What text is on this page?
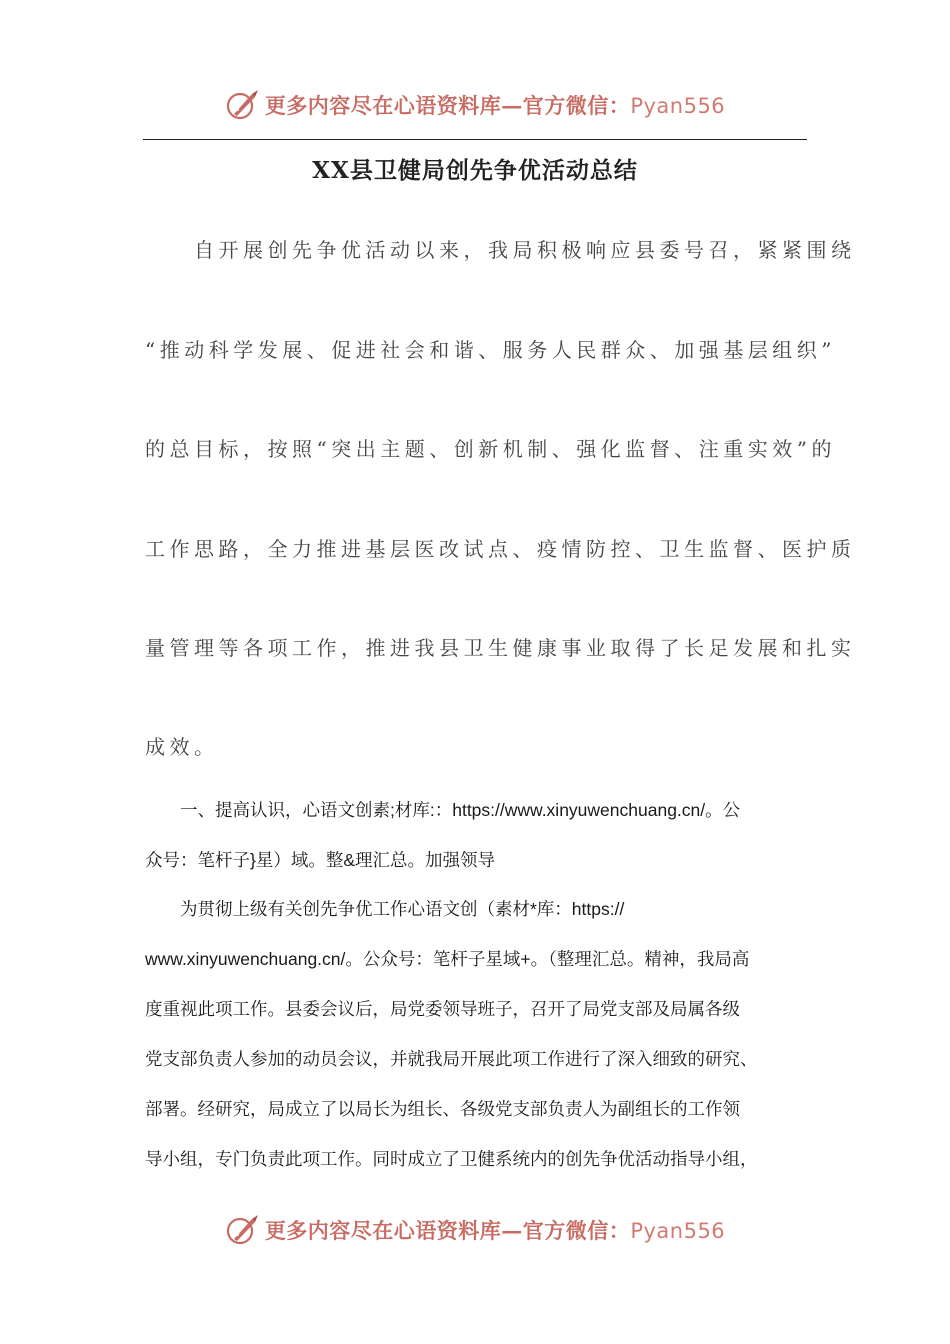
更多内容尽在心语资料库—官方微信：Pyan556
XX县卫健局创先争优活动总结
　　自开展创先争优活动以来，我局积极响应县委号召，紧紧围绕
“推动科学发展、促进社会和谐、服务人民群众、加强基层组织”
的总目标，按照“突出主题、创新机制、强化监督、注重实效”的
工作思路，全力推进基层医改试点、疫情防控、卫生监督、医护质
量管理等各项工作，推进我县卫生健康事业取得了长足发展和扎实
成效。
　　一、提高认识，心语文创素;材库:：https://www.xinyuwenchuang.cn/。公
众号：笔杆子}星）域。整&理汇总。加强领导
　　为贯彻上级有关创先争优工作心语文创（素材*库：https://
www.xinyuwenchuang.cn/。公众号：笔杆子星域+。（整理汇总。精神，我局高
度重视此项工作。县委会议后，局党委领导班子，召开了局党支部及局属各级
党支部负责人参加的动员会议，并就我局开展此项工作进行了深入细致的研究、
部署。经研究，局成立了以局长为组长、各级党支部负责人为副组长的工作领
导小组，专门负责此项工作。同时成立了卫健系统内的创先争优活动指导小组，
更多内容尽在心语资料库—官方微信：Pyan556
